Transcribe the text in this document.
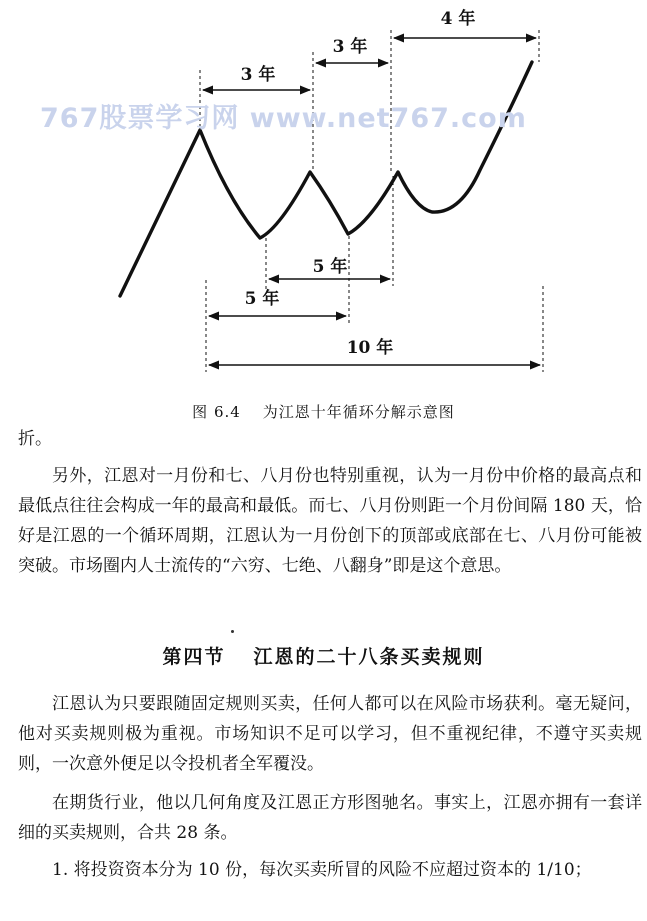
4 年
3 年
3 年
5 年
5 年
10 年
767股票学习网 www.net767.com
图 6.4 为江恩十年循环分解示意图

折。

另外，江恩对一月份和七、八月份也特别重视，认为一月份中价格的最高点和最低点往往会构成一年的最高和最低。而七、八月份则距一个月份间隔 180 天，恰好是江恩的一个循环周期，江恩认为一月份创下的顶部或底部在七、八月份可能被突破。市场圈内人士流传的“六穷、七绝、八翻身”即是这个意思。

第四节 江恩的二十八条买卖规则

江恩认为只要跟随固定规则买卖，任何人都可以在风险市场获利。毫无疑问，他对买卖规则极为重视。市场知识不足可以学习，但不重视纪律，不遵守买卖规则，一次意外便足以令投机者全军覆没。

在期货行业，他以几何角度及江恩正方形图驰名。事实上，江恩亦拥有一套详细的买卖规则，合共 28 条。

1. 将投资资本分为 10 份，每次买卖所冒的风险不应超过资本的 1/10；
